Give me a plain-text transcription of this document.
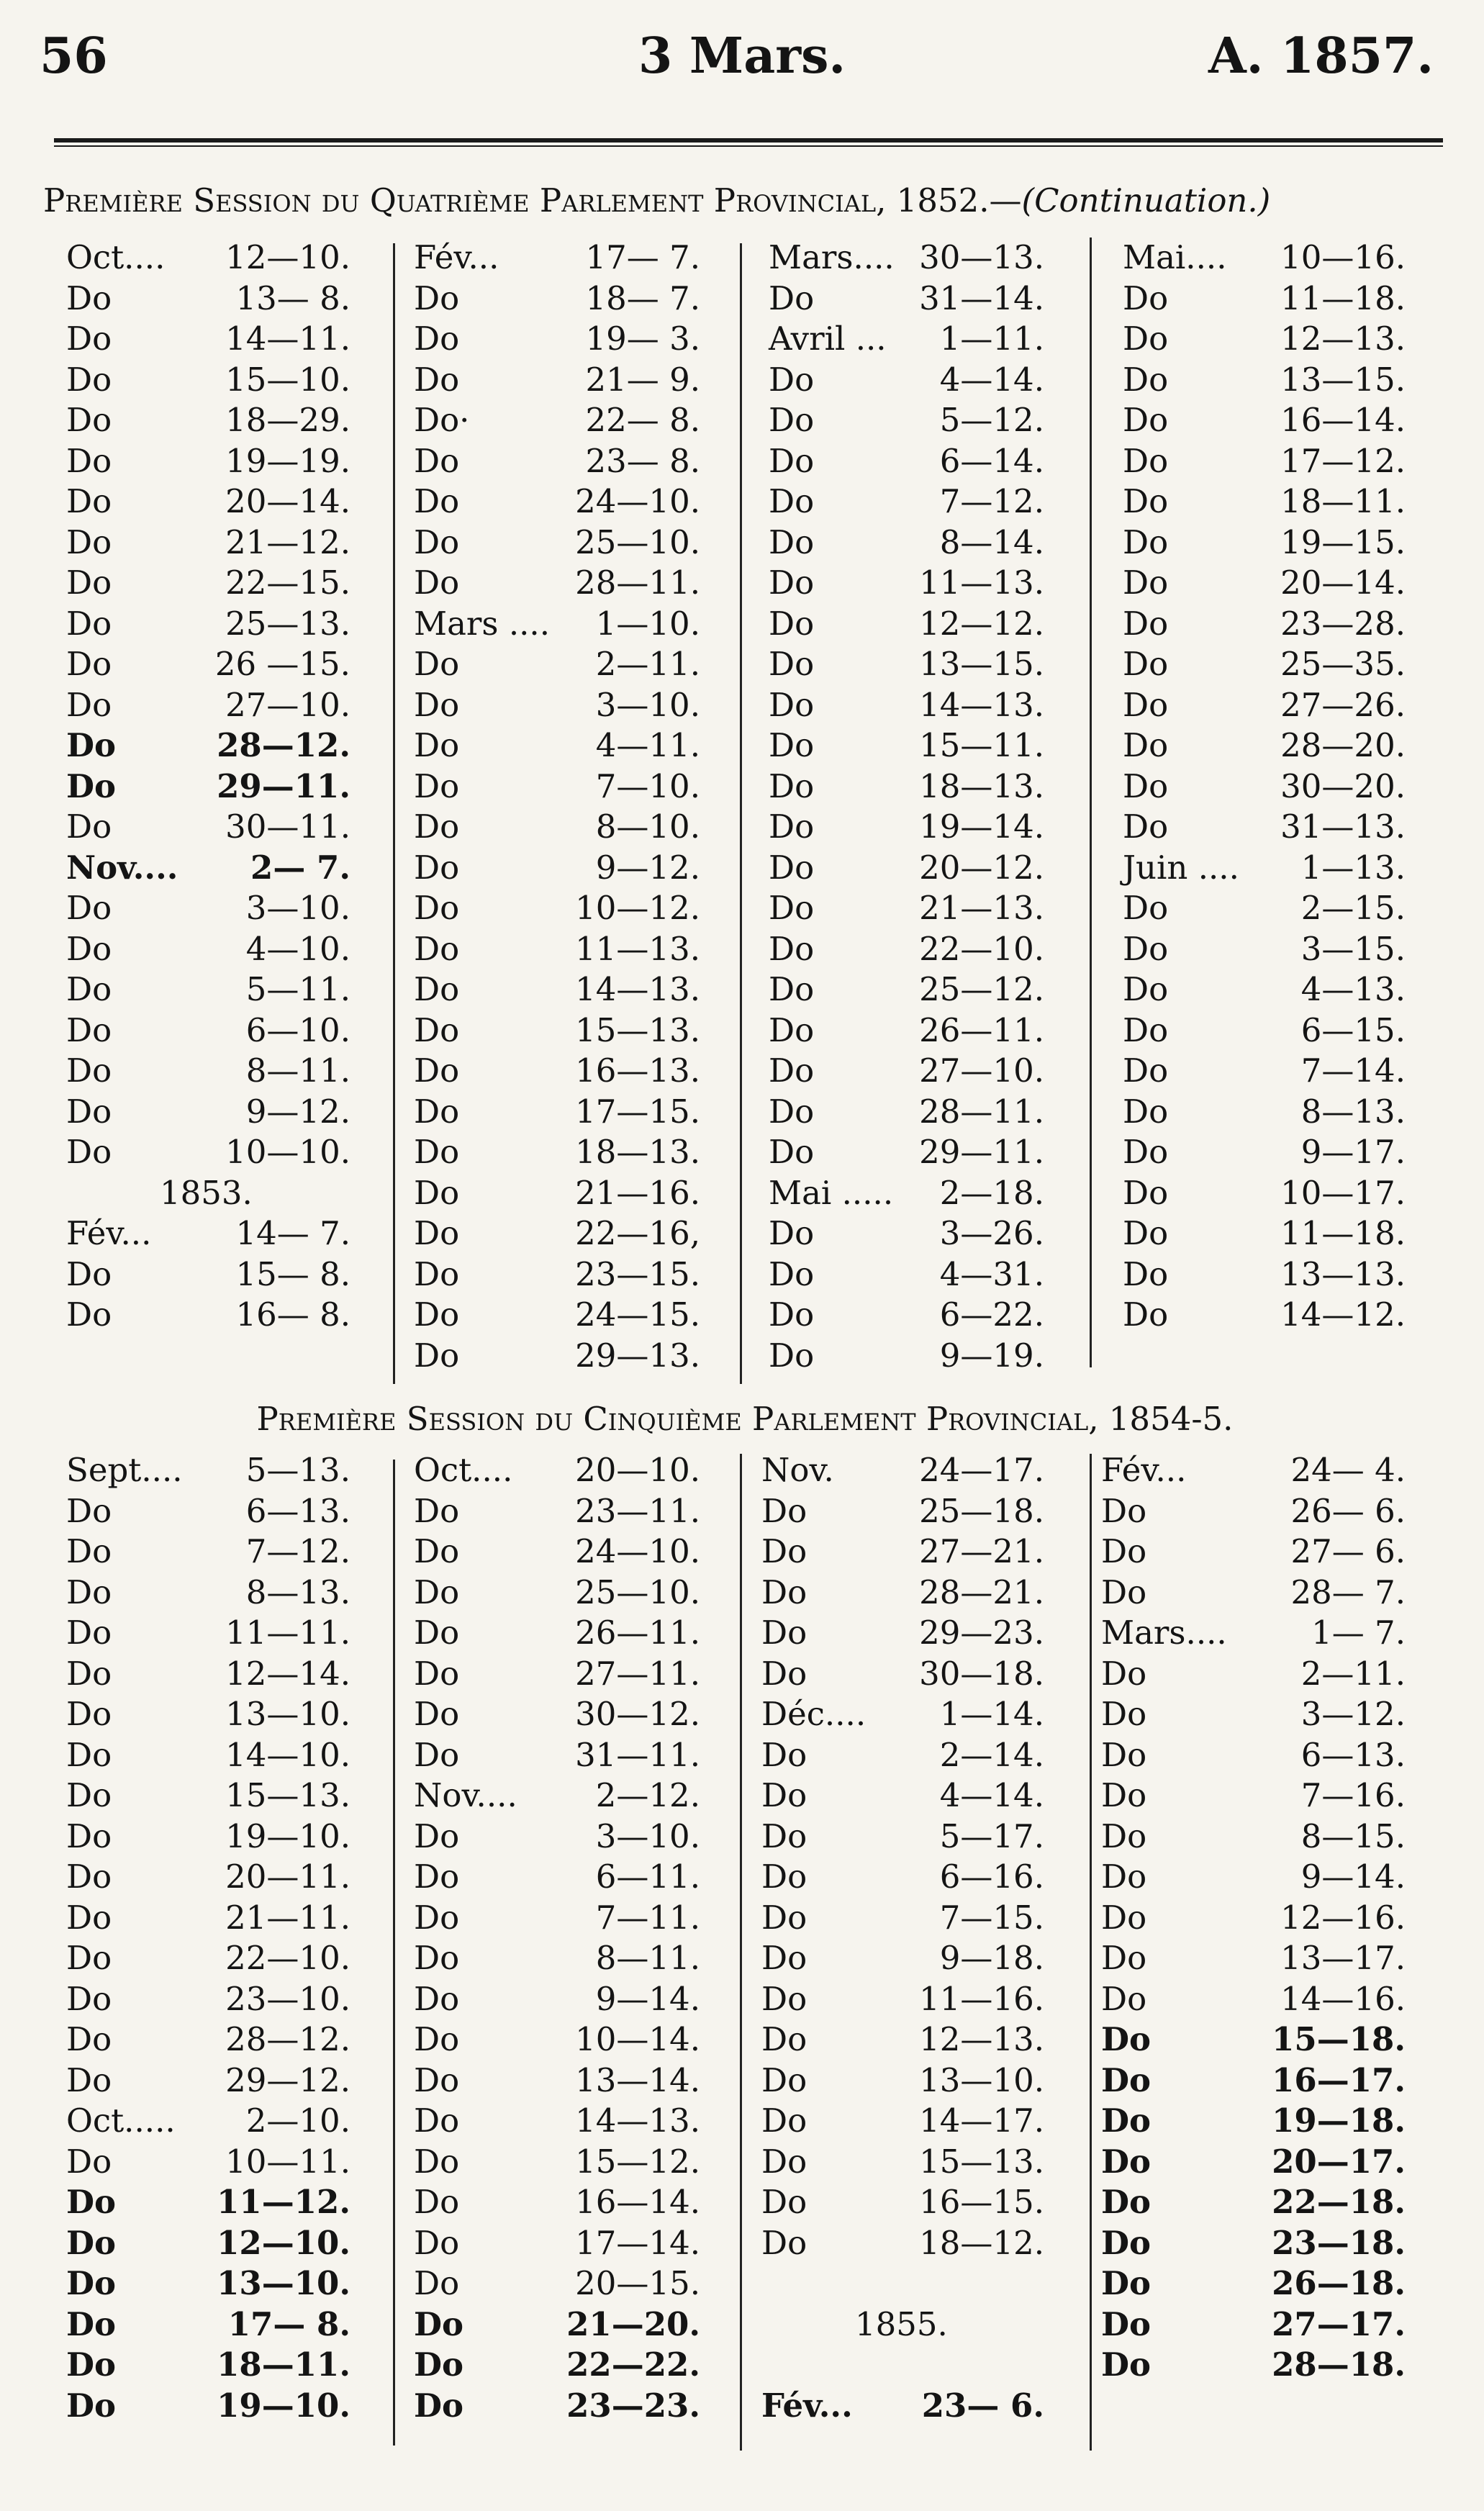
56	3 Mars.	A. 1857.
Première Session du Quatrième Parlement Provincial, 1852.—(Continuation.)
Oct.... 12—10.
Do	13— 8.
Do	14—11.
Do	15—10.
Do	18—29.
Do	19—19.
Do	20—14.
Do	21—12.
Do	22—15.
Do	25—13.
Do	26 —15.
Do	27—10.
Do	28—12.
Do	29—11.
Do	30—11.
Nov.... 2— 7.
Do	3—10.
Do	4—10.
Do	5—11.
Do	6—10.
Do	8—11.
Do	9—12.
Do	10—10.
1853.
Fév...	14— 7.
Do	15— 8.
Do	16— 8.
Fév...	17— 7.
Do	18— 7.
Do	19— 3.
Do	21— 9.
Do·	22— 8.
Do	23— 8.
Do	24—10.
Do	25—10.
Do	28—11.
Mars .... 1—10.
Do	2—11.
Do	3—10.
Do	4—11.
Do	7—10.
Do	8—10.
Do	9—12.
Do	10—12.
Do	11—13.
Do	14—13.
Do	15—13.
Do	16—13.
Do	17—15.
Do	18—13.
Do	21—16.
Do	22—16,
Do	23—15.
Do	24—15.
Do	29—13.
Mars.... 30—13.
Do	31—14.
Avril ... 1—11.
Do	4—14.
Do	5—12.
Do	6—14.
Do	7—12.
Do	8—14.
Do	11—13.
Do	12—12.
Do	13—15.
Do	14—13.
Do	15—11.
Do	18—13.
Do	19—14.
Do	20—12.
Do	21—13.
Do	22—10.
Do	25—12.
Do	26—11.
Do	27—10.
Do	28—11.
Do	29—11.
Mai ..... 2—18.
Do	3—26.
Do	4—31.
Do	6—22.
Do	9—19.
Mai.... 10—16.
Do	11—18.
Do	12—13.
Do	13—15.
Do	16—14.
Do	17—12.
Do	18—11.
Do	19—15.
Do	20—14.
Do	23—28.
Do	25—35.
Do	27—26.
Do	28—20.
Do	30—20.
Do	31—13.
Juin .... 1—13.
Do	2—15.
Do	3—15.
Do	4—13.
Do	6—15.
Do	7—14.
Do	8—13.
Do	9—17.
Do	10—17.
Do	11—18.
Do	13—13.
Do	14—12.
Première Session du Cinquième Parlement Provincial, 1854-5.
Sept.... 5—13.
Do	6—13.
Do	7—12.
Do	8—13.
Do	11—11.
Do	12—14.
Do	13—10.
Do	14—10.
Do	15—13.
Do	19—10.
Do	20—11.
Do	21—11.
Do	22—10.
Do	23—10.
Do	28—12.
Do	29—12.
Oct..... 2—10.
Do	10—11.
Do	11—12.
Do	12—10.
Do	13—10.
Do	17— 8.
Do	18—11.
Do	19—10.
Oct.... 20—10.
Do	23—11.
Do	24—10.
Do	25—10.
Do	26—11.
Do	27—11.
Do	30—12.
Do	31—11.
Nov.... 2—12.
Do	3—10.
Do	6—11.
Do	7—11.
Do	8—11.
Do	9—14.
Do	10—14.
Do	13—14.
Do	14—13.
Do	15—12.
Do	16—14.
Do	17—14.
Do	20—15.
Do	21—20.
Do	22—22.
Do	23—23.
Nov.	24—17.
Do	25—18.
Do	27—21.
Do	28—21.
Do	29—23.
Do	30—18.
Déc.... 1—14.
Do	2—14.
Do	4—14.
Do	5—17.
Do	6—16.
Do	7—15.
Do	9—18.
Do	11—16.
Do	12—13.
Do	13—10.
Do	14—17.
Do	15—13.
Do	16—15.
Do	18—12.
1855.
Fév... 23— 6.
Fév...	24— 4.
Do	26— 6.
Do	27— 6.
Do	28— 7.
Mars....	1— 7.
Do	2—11.
Do	3—12.
Do	6—13.
Do	7—16.
Do	8—15.
Do	9—14.
Do	12—16.
Do	13—17.
Do	14—16.
Do	15—18.
Do	16—17.
Do	19—18.
Do	20—17.
Do	22—18.
Do	23—18.
Do	26—18.
Do	27—17.
Do	28—18.
